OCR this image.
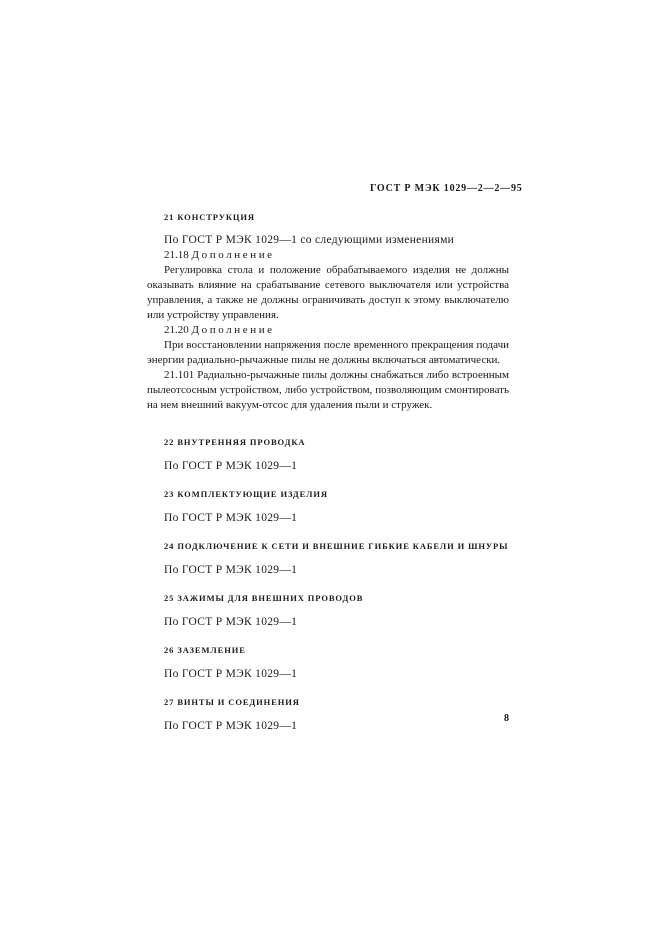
ГОСТ Р МЭК 1029—2—2—95
21 КОНСТРУКЦИЯ

По ГОСТ Р МЭК 1029—1 со следующими изменениями

21.18 Дополнение

Регулировка стола и положение обрабатываемого изделия не должны оказывать влияние на срабатывание сетевого выключателя или устройства управления, а также не должны ограничивать доступ к этому выключателю или устройству управления.

21.20 Дополнение

При восстановлении напряжения после временного прекращения подачи энергии радиально-рычажные пилы не должны включаться автоматически.

21.101 Радиально-рычажные пилы должны снабжаться либо встроенным пылеотсосным устройством, либо устройством, позволяющим смонтировать на нем внешний вакуум-отсос для удаления пыли и стружек.

22 ВНУТРЕННЯЯ ПРОВОДКА

По ГОСТ Р МЭК 1029—1

23 КОМПЛЕКТУЮЩИЕ ИЗДЕЛИЯ

По ГОСТ Р МЭК 1029—1

24 ПОДКЛЮЧЕНИЕ К СЕТИ И ВНЕШНИЕ ГИБКИЕ КАБЕЛИ И ШНУРЫ

По ГОСТ Р МЭК 1029—1

25 ЗАЖИМЫ ДЛЯ ВНЕШНИХ ПРОВОДОВ

По ГОСТ Р МЭК 1029—1

26 ЗАЗЕМЛЕНИЕ

По ГОСТ Р МЭК 1029—1

27 ВИНТЫ И СОЕДИНЕНИЯ

По ГОСТ Р МЭК 1029—1

8
